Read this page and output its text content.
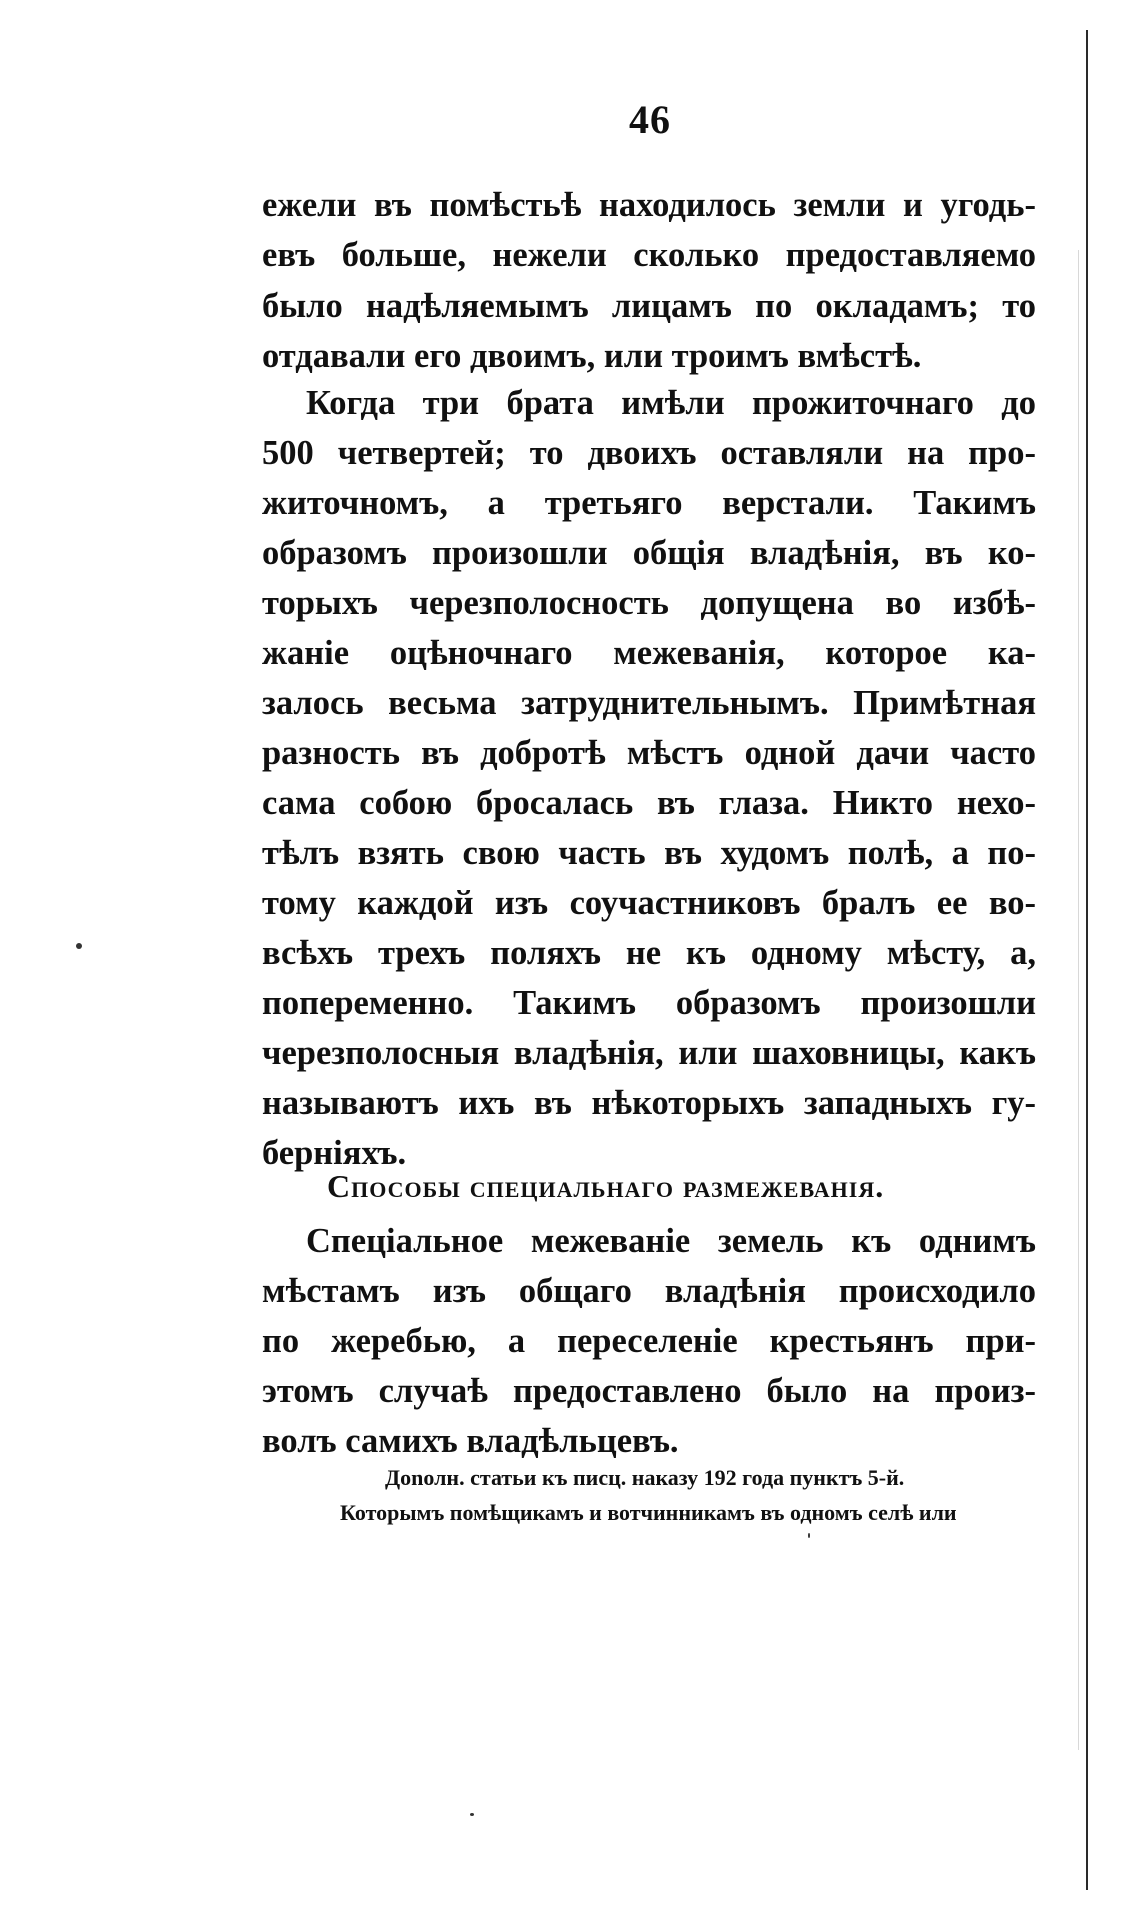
46
ежели въ помѣстьѣ находилось земли и угодь-
евъ больше, нежели сколько предоставляемо
было надѣляемымъ лицамъ по окладамъ; то
отдавали его двоимъ, или троимъ вмѣстѣ.
Когда три брата имѣли прожиточнаго до
500 четвертей; то двоихъ оставляли на про-
житочномъ, а третьяго верстали. Такимъ
образомъ произошли общія владѣнія, въ ко-
торыхъ черезполосность допущена во избѣ-
жаніе оцѣночнаго межеванія, которое ка-
залось весьма затруднительнымъ. Примѣтная
разность въ добротѣ мѣстъ одной дачи часто
сама собою бросалась въ глаза. Никто нехо-
тѣлъ взять свою часть въ худомъ полѣ, а по-
тому каждой изъ соучастниковъ бралъ ее во-
всѣхъ трехъ поляхъ не къ одному мѣсту, а,
попеременно. Такимъ образомъ произошли
черезполосныя владѣнія, или шаховницы, какъ
называютъ ихъ въ нѣкоторыхъ западныхъ гу-
берніяхъ.
Способы специальнаго размежеванія.
Спеціальное межеваніе земель къ однимъ
мѣстамъ изъ общаго владѣнія происходило
по жеребью, а переселеніе крестьянъ при-
этомъ случаѣ предоставлено было на произ-
волъ самихъ владѣльцевъ.
Доnолн. статьи къ писц. наказу 192 года пунктъ 5-й.
Которымъ помѣщикамъ и вотчинникамъ въ одномъ селѣ или
